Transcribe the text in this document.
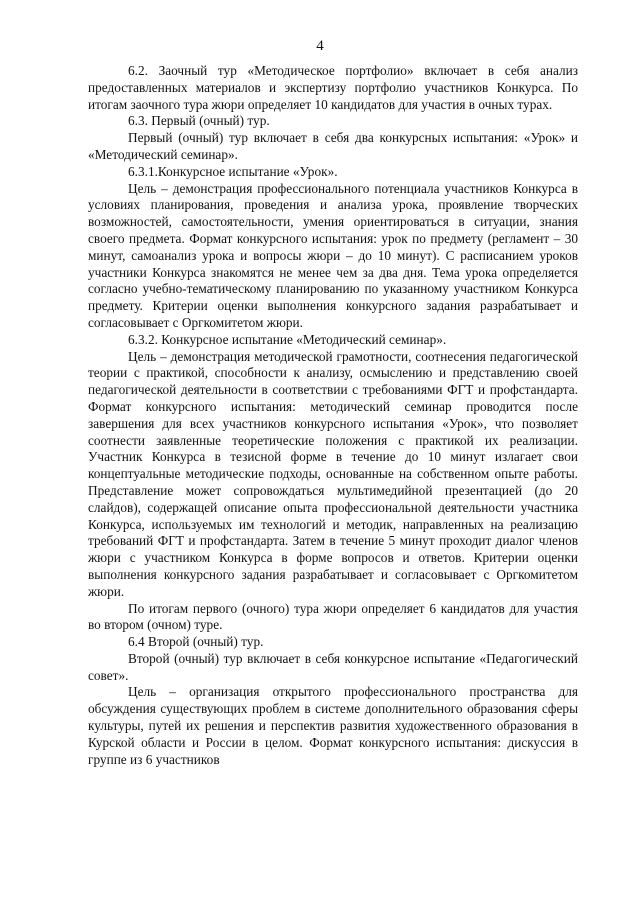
4

6.2. Заочный тур «Методическое портфолио» включает в себя анализ предоставленных материалов и экспертизу портфолио участников Конкурса. По итогам заочного тура жюри определяет 10 кандидатов для участия в очных турах.

6.3. Первый (очный) тур.

Первый (очный) тур включает в себя два конкурсных испытания: «Урок» и «Методический семинар».

6.3.1.Конкурсное испытание «Урок».

Цель – демонстрация профессионального потенциала участников Конкурса в условиях планирования, проведения и анализа урока, проявление творческих возможностей, самостоятельности, умения ориентироваться в ситуации, знания своего предмета. Формат конкурсного испытания: урок по предмету (регламент – 30 минут, самоанализ урока и вопросы жюри – до 10 минут). С расписанием уроков участники Конкурса знакомятся не менее чем за два дня. Тема урока определяется согласно учебно-тематическому планированию по указанному участником Конкурса предмету. Критерии оценки выполнения конкурсного задания разрабатывает и согласовывает с Оргкомитетом жюри.

6.3.2. Конкурсное испытание «Методический семинар».

Цель – демонстрация методической грамотности, соотнесения педагогической теории с практикой, способности к анализу, осмыслению и представлению своей педагогической деятельности в соответствии с требованиями ФГТ и профстандарта. Формат конкурсного испытания: методический семинар проводится после завершения для всех участников конкурсного испытания «Урок», что позволяет соотнести заявленные теоретические положения с практикой их реализации. Участник Конкурса в тезисной форме в течение до 10 минут излагает свои концептуальные методические подходы, основанные на собственном опыте работы. Представление может сопровождаться мультимедийной презентацией (до 20 слайдов), содержащей описание опыта профессиональной деятельности участника Конкурса, используемых им технологий и методик, направленных на реализацию требований ФГТ и профстандарта. Затем в течение 5 минут проходит диалог членов жюри с участником Конкурса в форме вопросов и ответов. Критерии оценки выполнения конкурсного задания разрабатывает и согласовывает с Оргкомитетом жюри.

По итогам первого (очного) тура жюри определяет 6 кандидатов для участия во втором (очном) туре.

6.4 Второй (очный) тур.

Второй (очный) тур включает в себя конкурсное испытание «Педагогический совет».

Цель – организация открытого профессионального пространства для обсуждения существующих проблем в системе дополнительного образования сферы культуры, путей их решения и перспектив развития художественного образования в Курской области и России в целом. Формат конкурсного испытания: дискуссия в группе из 6 участников
